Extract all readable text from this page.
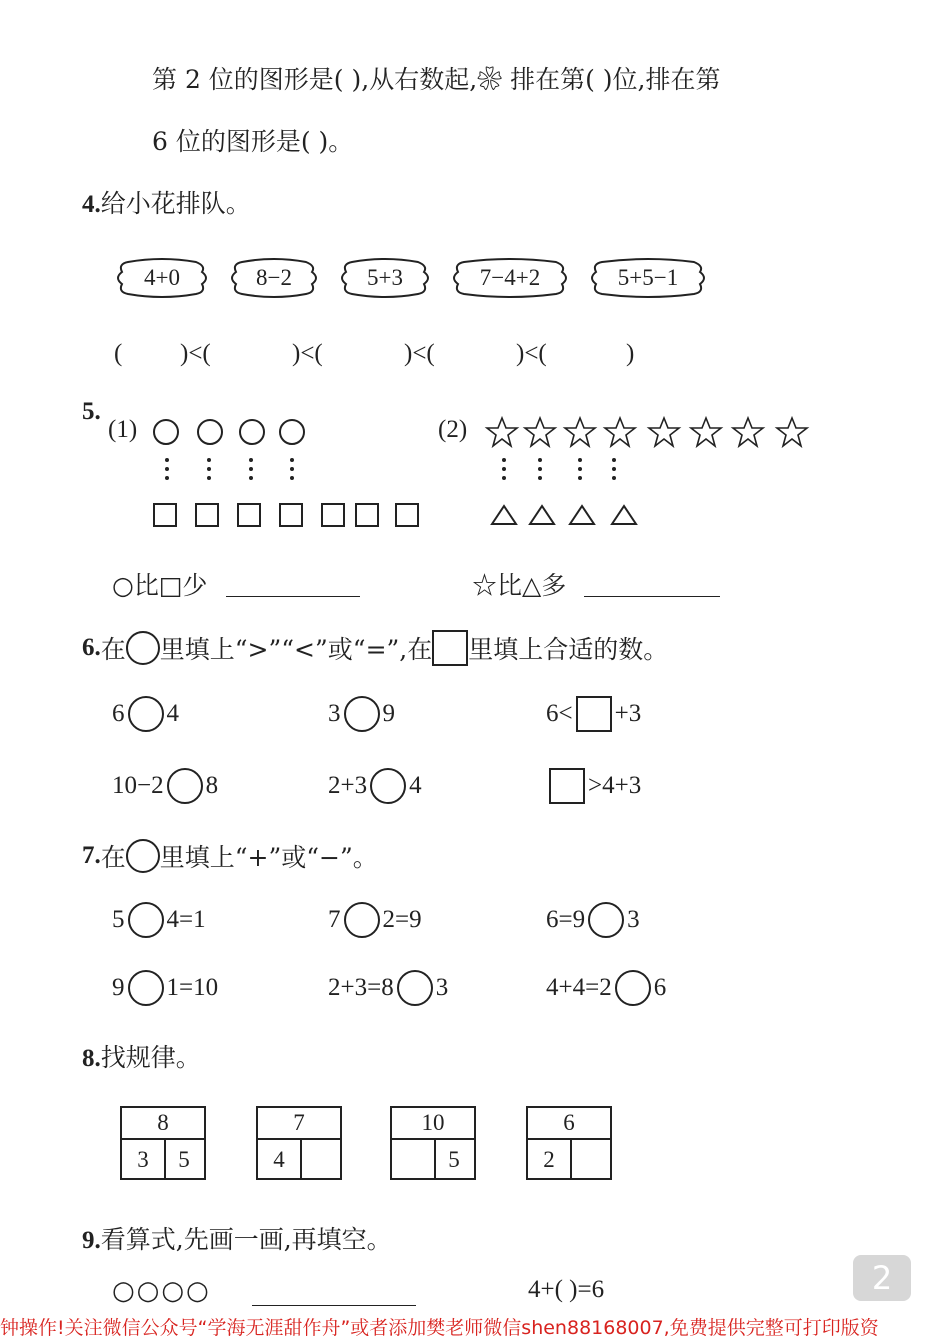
第 2 位的图形是( ),从右数起,❀ 排在第( )位,排在第
6 位的图形是( )。
4. 给小花排队。
4+0	8−2	5+3	7−4+2	5+5−1
( )<(	)<(	)<(	)<(	)
5.
(1)	(2)
○比□少	☆比△多
6. 在 里填上“>”“<”或“=”,在 里填上合适的数。
6 4	3 9	6< +3
10−2 8	2+3 4	>4+3
7. 在 里填上“+”或“−”。
5 4=1	7 2=9	6=9 3
9 1=10	2+3=8 3	4+4=2 6
8. 找规律。
8
3	5
7
4
10
5
6
2
9. 看算式,先画一画,再填空。
○○○○	4+( )=6	2
钟操作!关注微信公众号“学海无涯甜作舟”或者添加樊老师微信shen88168007,免费提供完整可打印版资
